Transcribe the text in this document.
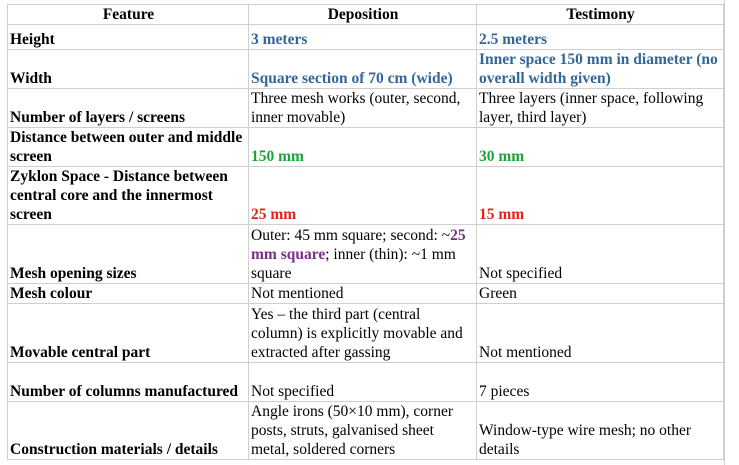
Feature	Deposition	Testimony
Height	3 meters	2.5 meters
Width	Square section of 70 cm (wide)	Inner space 150 mm in diameter (no overall width given)
Number of layers / screens	Three mesh works (outer, second, inner movable)	Three layers (inner space, following layer, third layer)
Distance between outer and middle screen	150 mm	30 mm
Zyklon Space - Distance between central core and the innermost screen	25 mm	15 mm
Mesh opening sizes	Outer: 45 mm square; second: ~25 mm square; inner (thin): ~1 mm square	Not specified
Mesh colour	Not mentioned	Green
Movable central part	Yes – the third part (central column) is explicitly movable and extracted after gassing	Not mentioned
Number of columns manufactured	Not specified	7 pieces
Construction materials / details	Angle irons (50×10 mm), corner posts, struts, galvanised sheet metal, soldered corners	Window-type wire mesh; no other details
